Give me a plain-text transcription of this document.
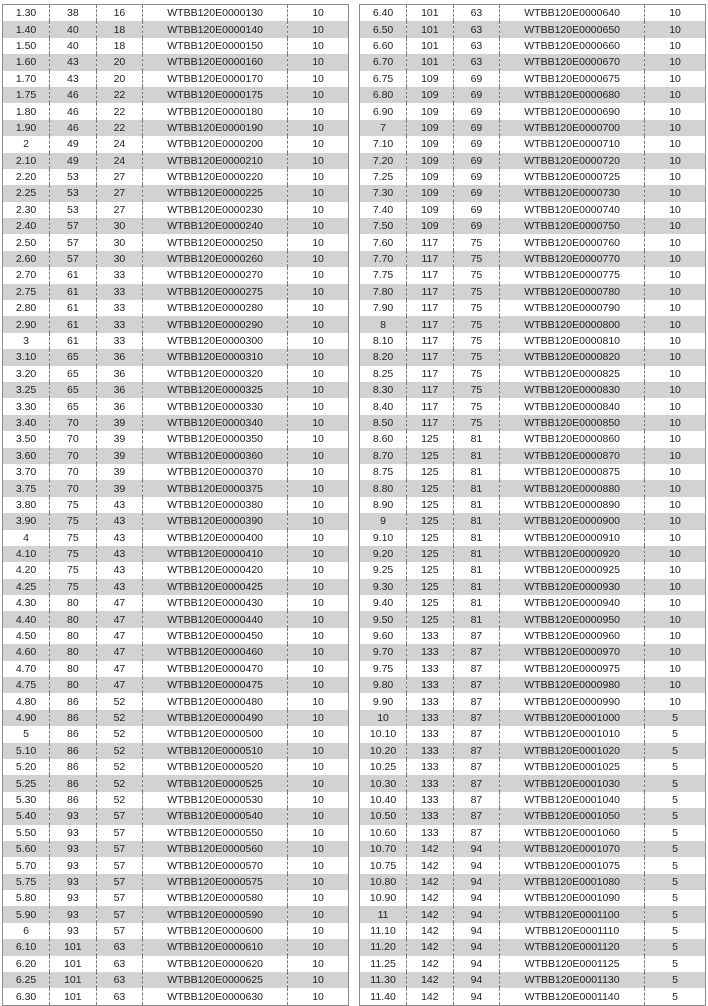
1.30	38	16	WTBB120E0000130	10
1.40	40	18	WTBB120E0000140	10
1.50	40	18	WTBB120E0000150	10
1.60	43	20	WTBB120E0000160	10
1.70	43	20	WTBB120E0000170	10
1.75	46	22	WTBB120E0000175	10
1.80	46	22	WTBB120E0000180	10
1.90	46	22	WTBB120E0000190	10
2	49	24	WTBB120E0000200	10
2.10	49	24	WTBB120E0000210	10
2.20	53	27	WTBB120E0000220	10
2.25	53	27	WTBB120E0000225	10
2.30	53	27	WTBB120E0000230	10
2.40	57	30	WTBB120E0000240	10
2.50	57	30	WTBB120E0000250	10
2.60	57	30	WTBB120E0000260	10
2.70	61	33	WTBB120E0000270	10
2.75	61	33	WTBB120E0000275	10
2.80	61	33	WTBB120E0000280	10
2.90	61	33	WTBB120E0000290	10
3	61	33	WTBB120E0000300	10
3.10	65	36	WTBB120E0000310	10
3.20	65	36	WTBB120E0000320	10
3.25	65	36	WTBB120E0000325	10
3.30	65	36	WTBB120E0000330	10
3.40	70	39	WTBB120E0000340	10
3.50	70	39	WTBB120E0000350	10
3.60	70	39	WTBB120E0000360	10
3.70	70	39	WTBB120E0000370	10
3.75	70	39	WTBB120E0000375	10
3.80	75	43	WTBB120E0000380	10
3.90	75	43	WTBB120E0000390	10
4	75	43	WTBB120E0000400	10
4.10	75	43	WTBB120E0000410	10
4.20	75	43	WTBB120E0000420	10
4.25	75	43	WTBB120E0000425	10
4.30	80	47	WTBB120E0000430	10
4.40	80	47	WTBB120E0000440	10
4.50	80	47	WTBB120E0000450	10
4.60	80	47	WTBB120E0000460	10
4.70	80	47	WTBB120E0000470	10
4.75	80	47	WTBB120E0000475	10
4.80	86	52	WTBB120E0000480	10
4.90	86	52	WTBB120E0000490	10
5	86	52	WTBB120E0000500	10
5.10	86	52	WTBB120E0000510	10
5.20	86	52	WTBB120E0000520	10
5.25	86	52	WTBB120E0000525	10
5.30	86	52	WTBB120E0000530	10
5.40	93	57	WTBB120E0000540	10
5.50	93	57	WTBB120E0000550	10
5.60	93	57	WTBB120E0000560	10
5.70	93	57	WTBB120E0000570	10
5.75	93	57	WTBB120E0000575	10
5.80	93	57	WTBB120E0000580	10
5.90	93	57	WTBB120E0000590	10
6	93	57	WTBB120E0000600	10
6.10	101	63	WTBB120E0000610	10
6.20	101	63	WTBB120E0000620	10
6.25	101	63	WTBB120E0000625	10
6.30	101	63	WTBB120E0000630	10
6.40	101	63	WTBB120E0000640	10
6.50	101	63	WTBB120E0000650	10
6.60	101	63	WTBB120E0000660	10
6.70	101	63	WTBB120E0000670	10
6.75	109	69	WTBB120E0000675	10
6.80	109	69	WTBB120E0000680	10
6.90	109	69	WTBB120E0000690	10
7	109	69	WTBB120E0000700	10
7.10	109	69	WTBB120E0000710	10
7.20	109	69	WTBB120E0000720	10
7.25	109	69	WTBB120E0000725	10
7.30	109	69	WTBB120E0000730	10
7.40	109	69	WTBB120E0000740	10
7.50	109	69	WTBB120E0000750	10
7.60	117	75	WTBB120E0000760	10
7.70	117	75	WTBB120E0000770	10
7.75	117	75	WTBB120E0000775	10
7.80	117	75	WTBB120E0000780	10
7.90	117	75	WTBB120E0000790	10
8	117	75	WTBB120E0000800	10
8.10	117	75	WTBB120E0000810	10
8.20	117	75	WTBB120E0000820	10
8.25	117	75	WTBB120E0000825	10
8.30	117	75	WTBB120E0000830	10
8.40	117	75	WTBB120E0000840	10
8.50	117	75	WTBB120E0000850	10
8.60	125	81	WTBB120E0000860	10
8.70	125	81	WTBB120E0000870	10
8.75	125	81	WTBB120E0000875	10
8.80	125	81	WTBB120E0000880	10
8.90	125	81	WTBB120E0000890	10
9	125	81	WTBB120E0000900	10
9.10	125	81	WTBB120E0000910	10
9.20	125	81	WTBB120E0000920	10
9.25	125	81	WTBB120E0000925	10
9.30	125	81	WTBB120E0000930	10
9.40	125	81	WTBB120E0000940	10
9.50	125	81	WTBB120E0000950	10
9.60	133	87	WTBB120E0000960	10
9.70	133	87	WTBB120E0000970	10
9.75	133	87	WTBB120E0000975	10
9.80	133	87	WTBB120E0000980	10
9.90	133	87	WTBB120E0000990	10
10	133	87	WTBB120E0001000	5
10.10	133	87	WTBB120E0001010	5
10.20	133	87	WTBB120E0001020	5
10.25	133	87	WTBB120E0001025	5
10.30	133	87	WTBB120E0001030	5
10.40	133	87	WTBB120E0001040	5
10.50	133	87	WTBB120E0001050	5
10.60	133	87	WTBB120E0001060	5
10.70	142	94	WTBB120E0001070	5
10.75	142	94	WTBB120E0001075	5
10.80	142	94	WTBB120E0001080	5
10.90	142	94	WTBB120E0001090	5
11	142	94	WTBB120E0001100	5
11.10	142	94	WTBB120E0001110	5
11.20	142	94	WTBB120E0001120	5
11.25	142	94	WTBB120E0001125	5
11.30	142	94	WTBB120E0001130	5
11.40	142	94	WTBB120E0001140	5
